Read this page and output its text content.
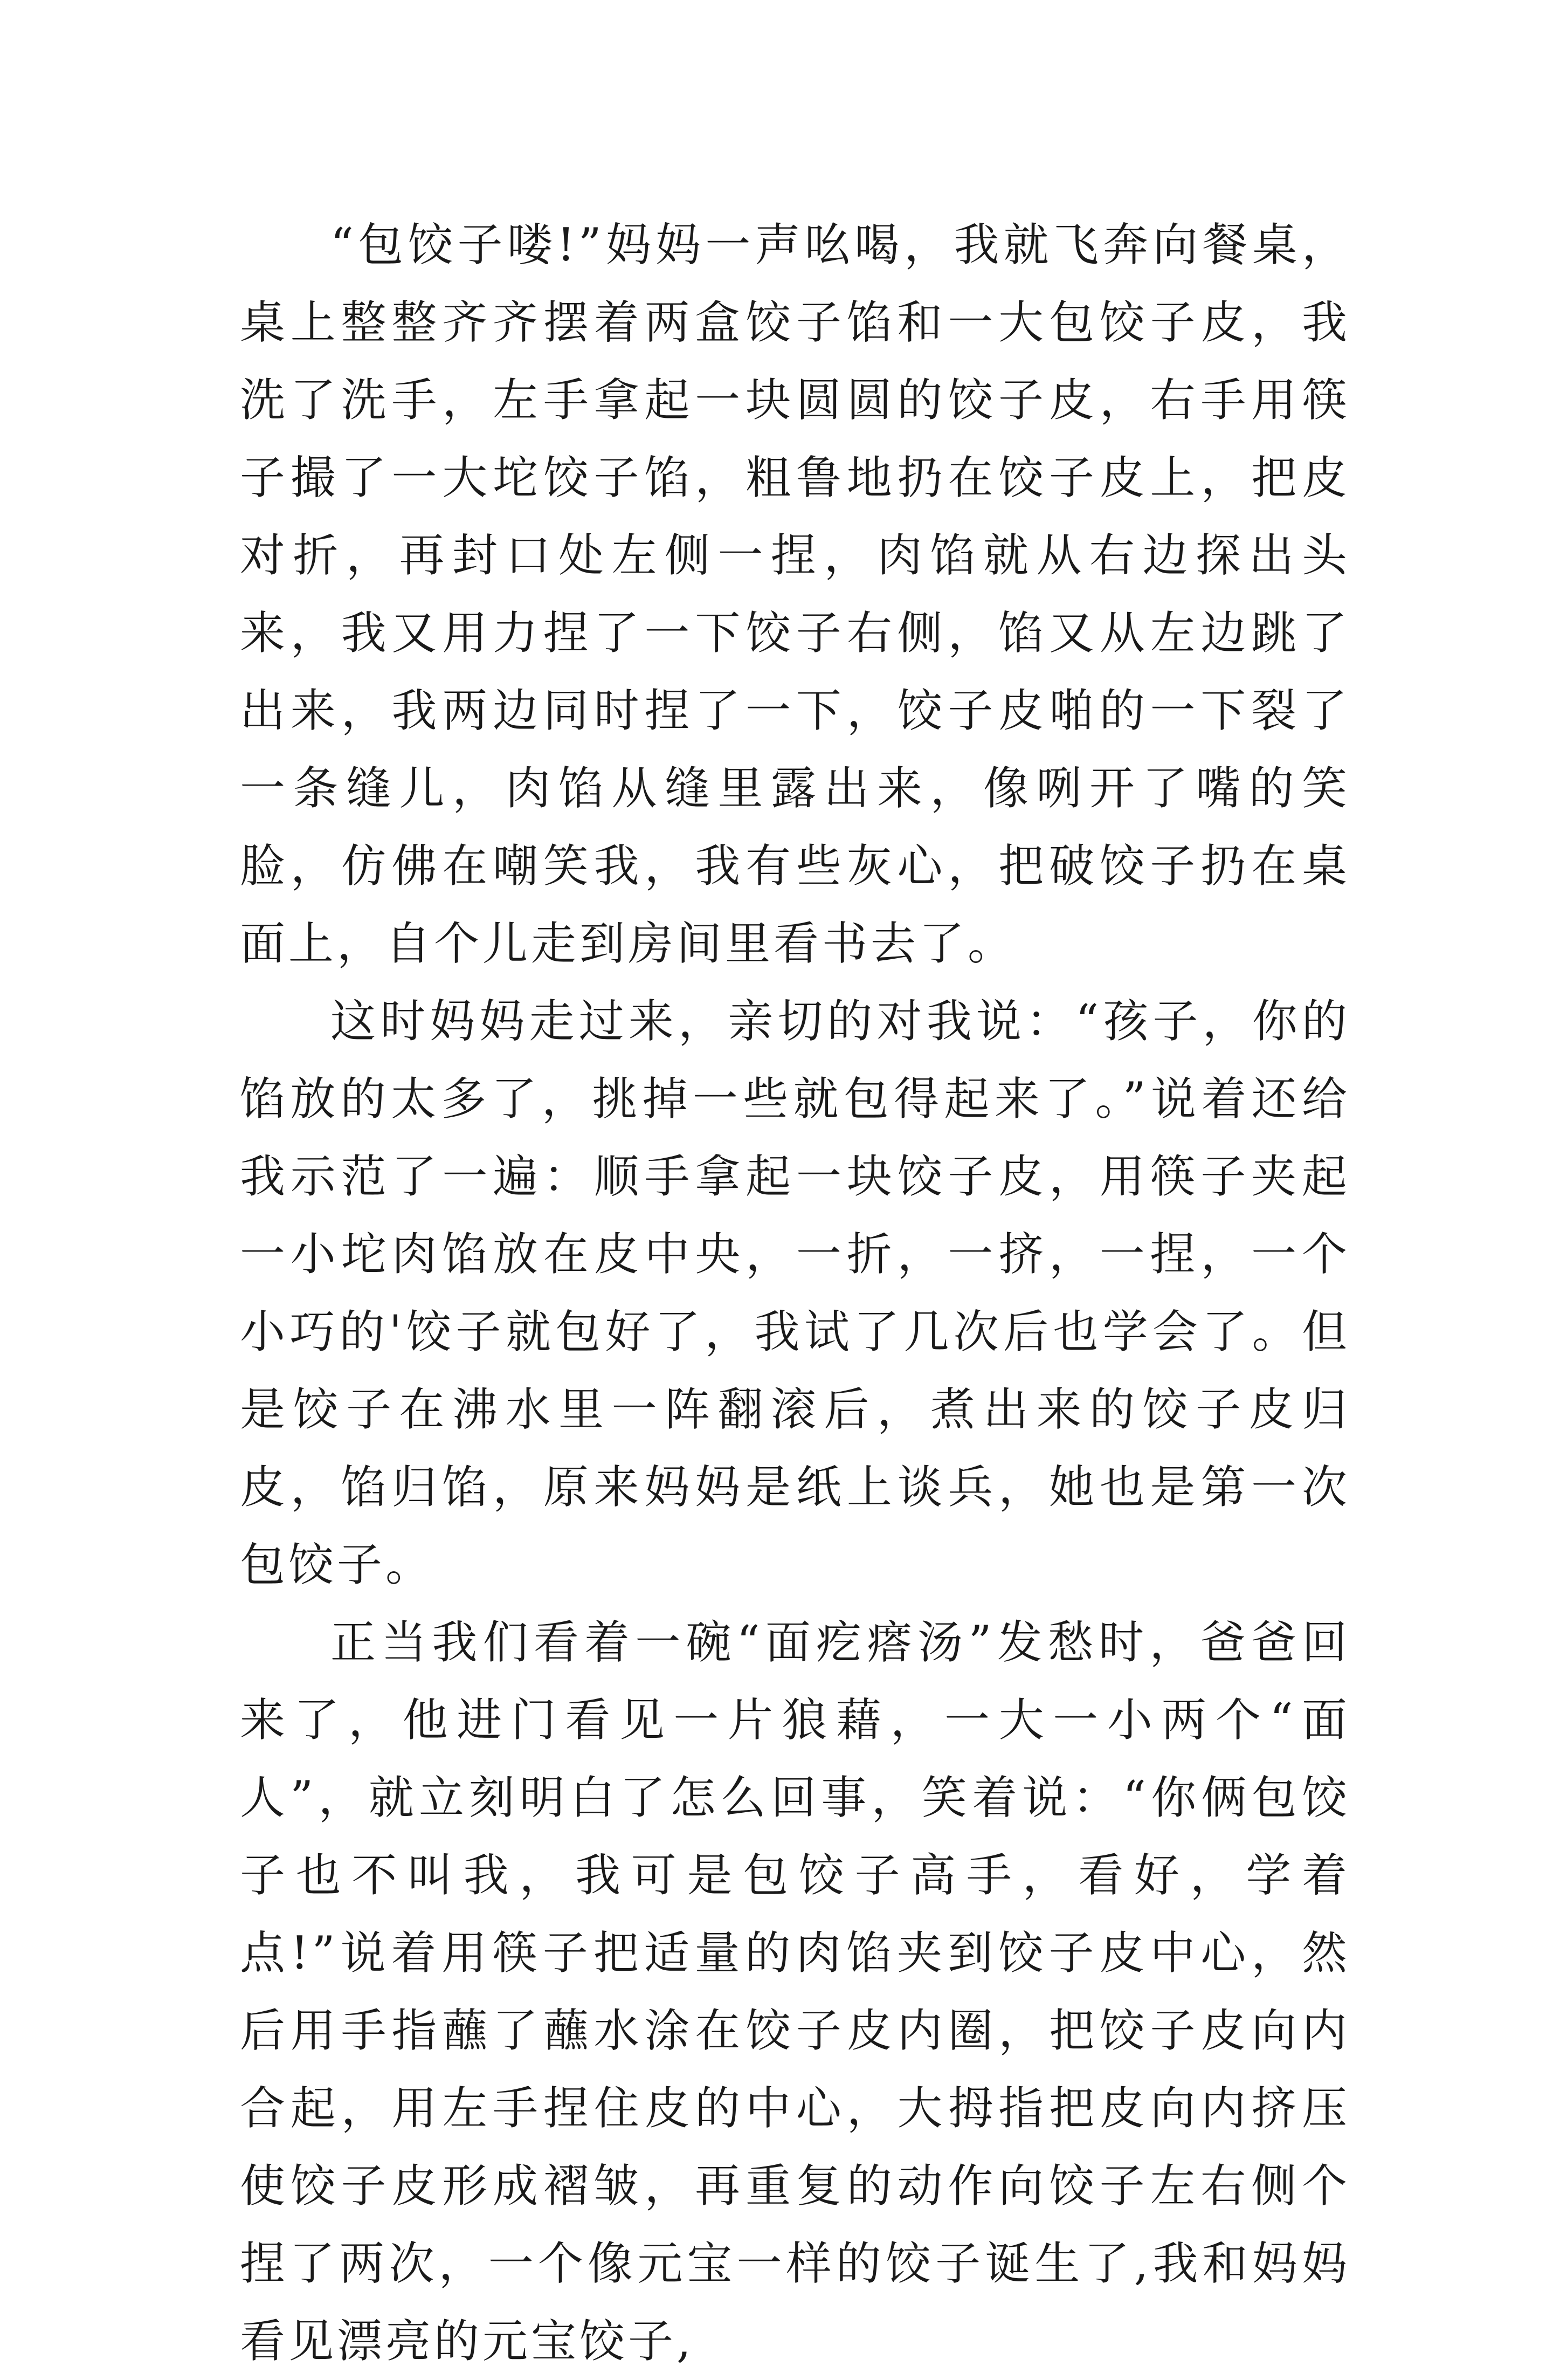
“包饺子喽!”妈妈一声吆喝，我就飞奔向餐桌，桌上整整齐齐摆着两盒饺子馅和一大包饺子皮，我洗了洗手，左手拿起一块圆圆的饺子皮，右手用筷子撮了一大坨饺子馅，粗鲁地扔在饺子皮上，把皮对折，再封口处左侧一捏，肉馅就从右边探出头来，我又用力捏了一下饺子右侧，馅又从左边跳了出来，我两边同时捏了一下，饺子皮啪的一下裂了一条缝儿，肉馅从缝里露出来，像咧开了嘴的笑脸，仿佛在嘲笑我，我有些灰心，把破饺子扔在桌面上，自个儿走到房间里看书去了。

这时妈妈走过来，亲切的对我说：“孩子，你的馅放的太多了，挑掉一些就包得起来了。”说着还给我示范了一遍：顺手拿起一块饺子皮，用筷子夹起一小坨肉馅放在皮中央，一折，一挤，一捏，一个小巧的'饺子就包好了，我试了几次后也学会了。但是饺子在沸水里一阵翻滚后，煮出来的饺子皮归皮，馅归馅，原来妈妈是纸上谈兵，她也是第一次包饺子。

正当我们看着一碗“面疙瘩汤”发愁时，爸爸回来了，他进门看见一片狼藉，一大一小两个“面人”，就立刻明白了怎么回事，笑着说：“你俩包饺子也不叫我，我可是包饺子高手，看好，学着点!”说着用筷子把适量的肉馅夹到饺子皮中心，然后用手指蘸了蘸水涂在饺子皮内圈，把饺子皮向内合起，用左手捏住皮的中心，大拇指把皮向内挤压使饺子皮形成褶皱，再重复的动作向饺子左右侧个捏了两次，一个像元宝一样的饺子诞生了,我和妈妈看见漂亮的元宝饺子,
